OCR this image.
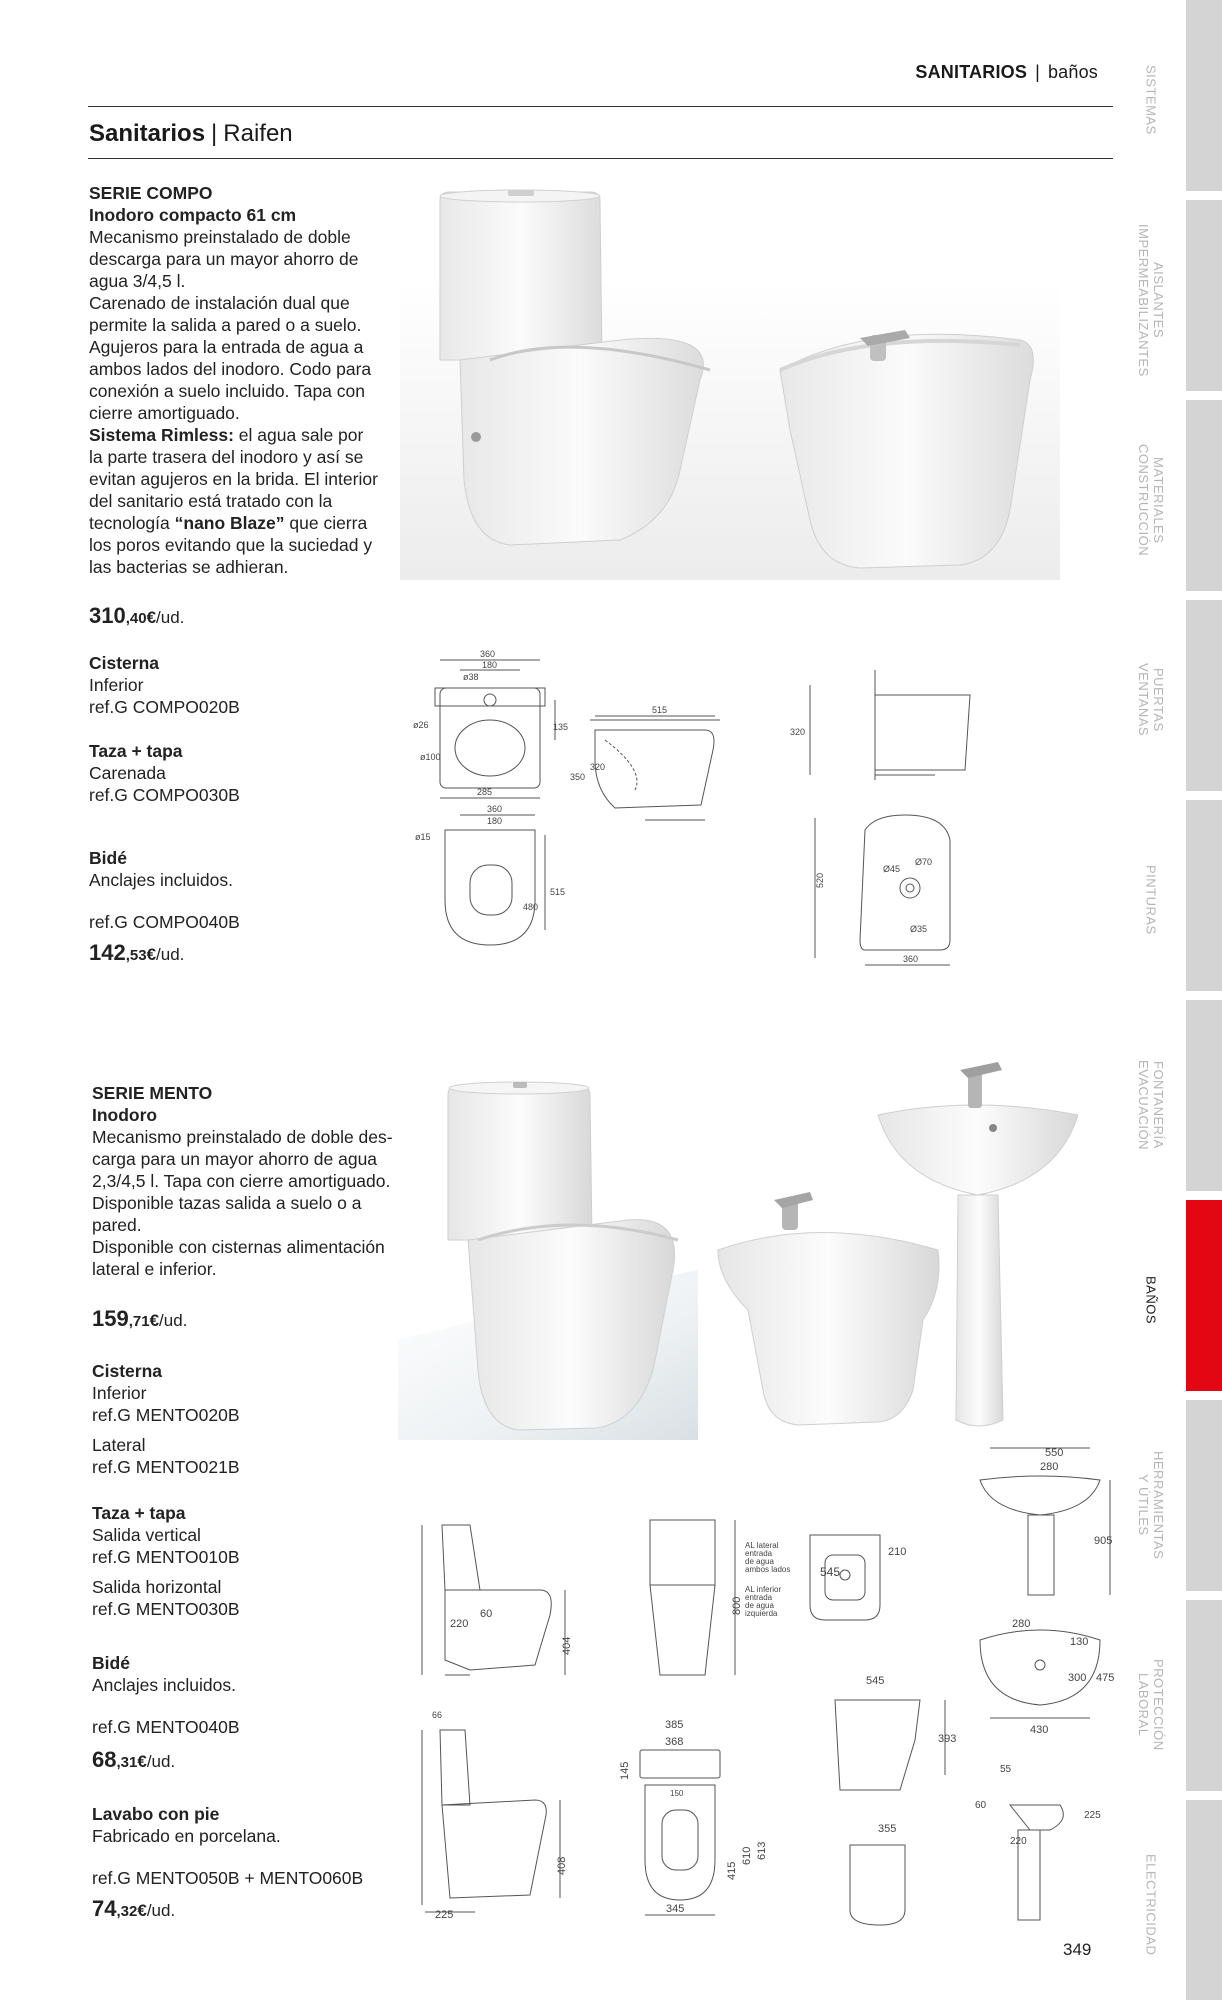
SANITARIOS | baños
Sanitarios | Raifen
SERIE COMPO
Inodoro compacto 61 cm
Mecanismo preinstalado de doble
descarga para un mayor ahorro de
agua 3/4,5 l.
Carenado de instalación dual que
permite la salida a pared o a suelo.
Agujeros para la entrada de agua a
ambos lados del inodoro. Codo para
conexión a suelo incluido. Tapa con
cierre amortiguado.
Sistema Rimless: el agua sale por
la parte trasera del inodoro y así se
evitan agujeros en la brida. El interior
del sanitario está tratado con la
tecnología “nano Blaze” que cierra
los poros evitando que la suciedad y
las bacterias se adhieran.
310,40€/ud.
Cisterna
Inferior
ref.G COMPO020B
Taza + tapa
Carenada
ref.G COMPO030B
Bidé
Anclajes incluidos.
ref.G COMPO040B
142,53€/ud.
360
180
ø38
ø26
ø100
285
135
515
350
320
320
360
180
ø15
515
480
520
Ø45
Ø70
Ø35
360
SERIE MENTO
Inodoro
Mecanismo preinstalado de doble des-
carga para un mayor ahorro de agua
2,3/4,5 l. Tapa con cierre amortiguado.
Disponible tazas salida a suelo o a
pared.
Disponible con cisternas alimentación
lateral e inferior.
159,71€/ud.
Cisterna
Inferior
ref.G MENTO020B
Lateral
ref.G MENTO021B
Taza + tapa
Salida vertical
ref.G MENTO010B
Salida horizontal
ref.G MENTO030B
Bidé
Anclajes incluidos.
ref.G MENTO040B
68,31€/ud.
Lavabo con pie
Fabricado en porcelana.
ref.G MENTO050B + MENTO060B
74,32€/ud.
220
60
404
800
AL lateral
entrada
de agua
ambos lados
AL inferior
entrada
de agua
izquierda
545
210
550
280
905
280
130
300 475
430
66
408
225
385
368
145
150
415
610 613
345
545
393
355
55
60
225
220
SISTEMAS
AISLANTES
IMPERMEABILIZANTES
MATERIALES
CONSTRUCCIÓN
PUERTAS
VENTANAS
PINTURAS
FONTANERÍA
EVACUACIÓN
BAÑOS
HERRAMIENTAS
Y ÚTILES
PROTECCIÓN
LABORAL
ELECTRICIDAD
349
